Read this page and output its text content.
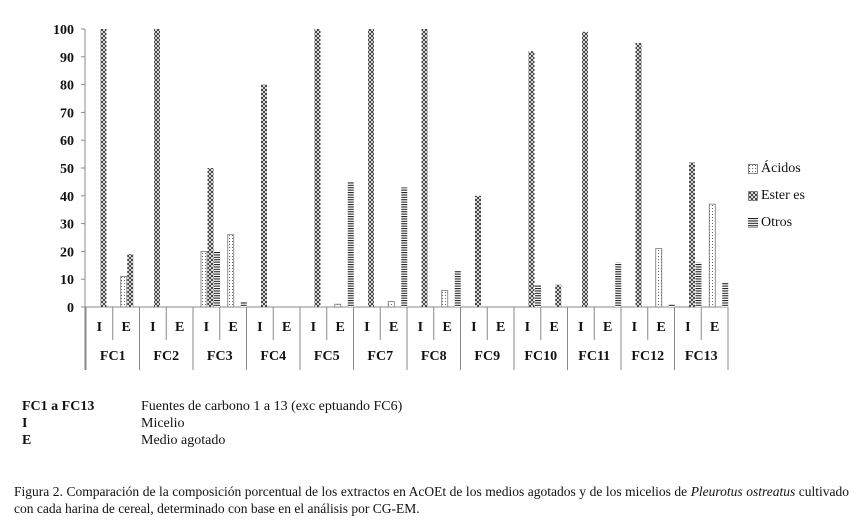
0
10
20
30
40
50
60
70
80
90
100
I E
FC1
I E
FC2
I E
FC3
I E
FC4
I E
FC5
I E
FC7
I E
FC8
I E
FC9
I E
FC10
I E
FC11
I E
FC12
I E
FC13
Ácidos
Ester es
Otros
FC1 a FC13	Fuentes de carbono 1 a 13 (exc eptuando FC6)
I	Micelio
E	Medio agotado
Figura 2. Comparación de la composición porcentual de los extractos en AcOEt de los medios agotados y de los micelios de Pleurotus ostreatus cultivado con cada harina de cereal, determinado con base en el análisis por CG-EM.
